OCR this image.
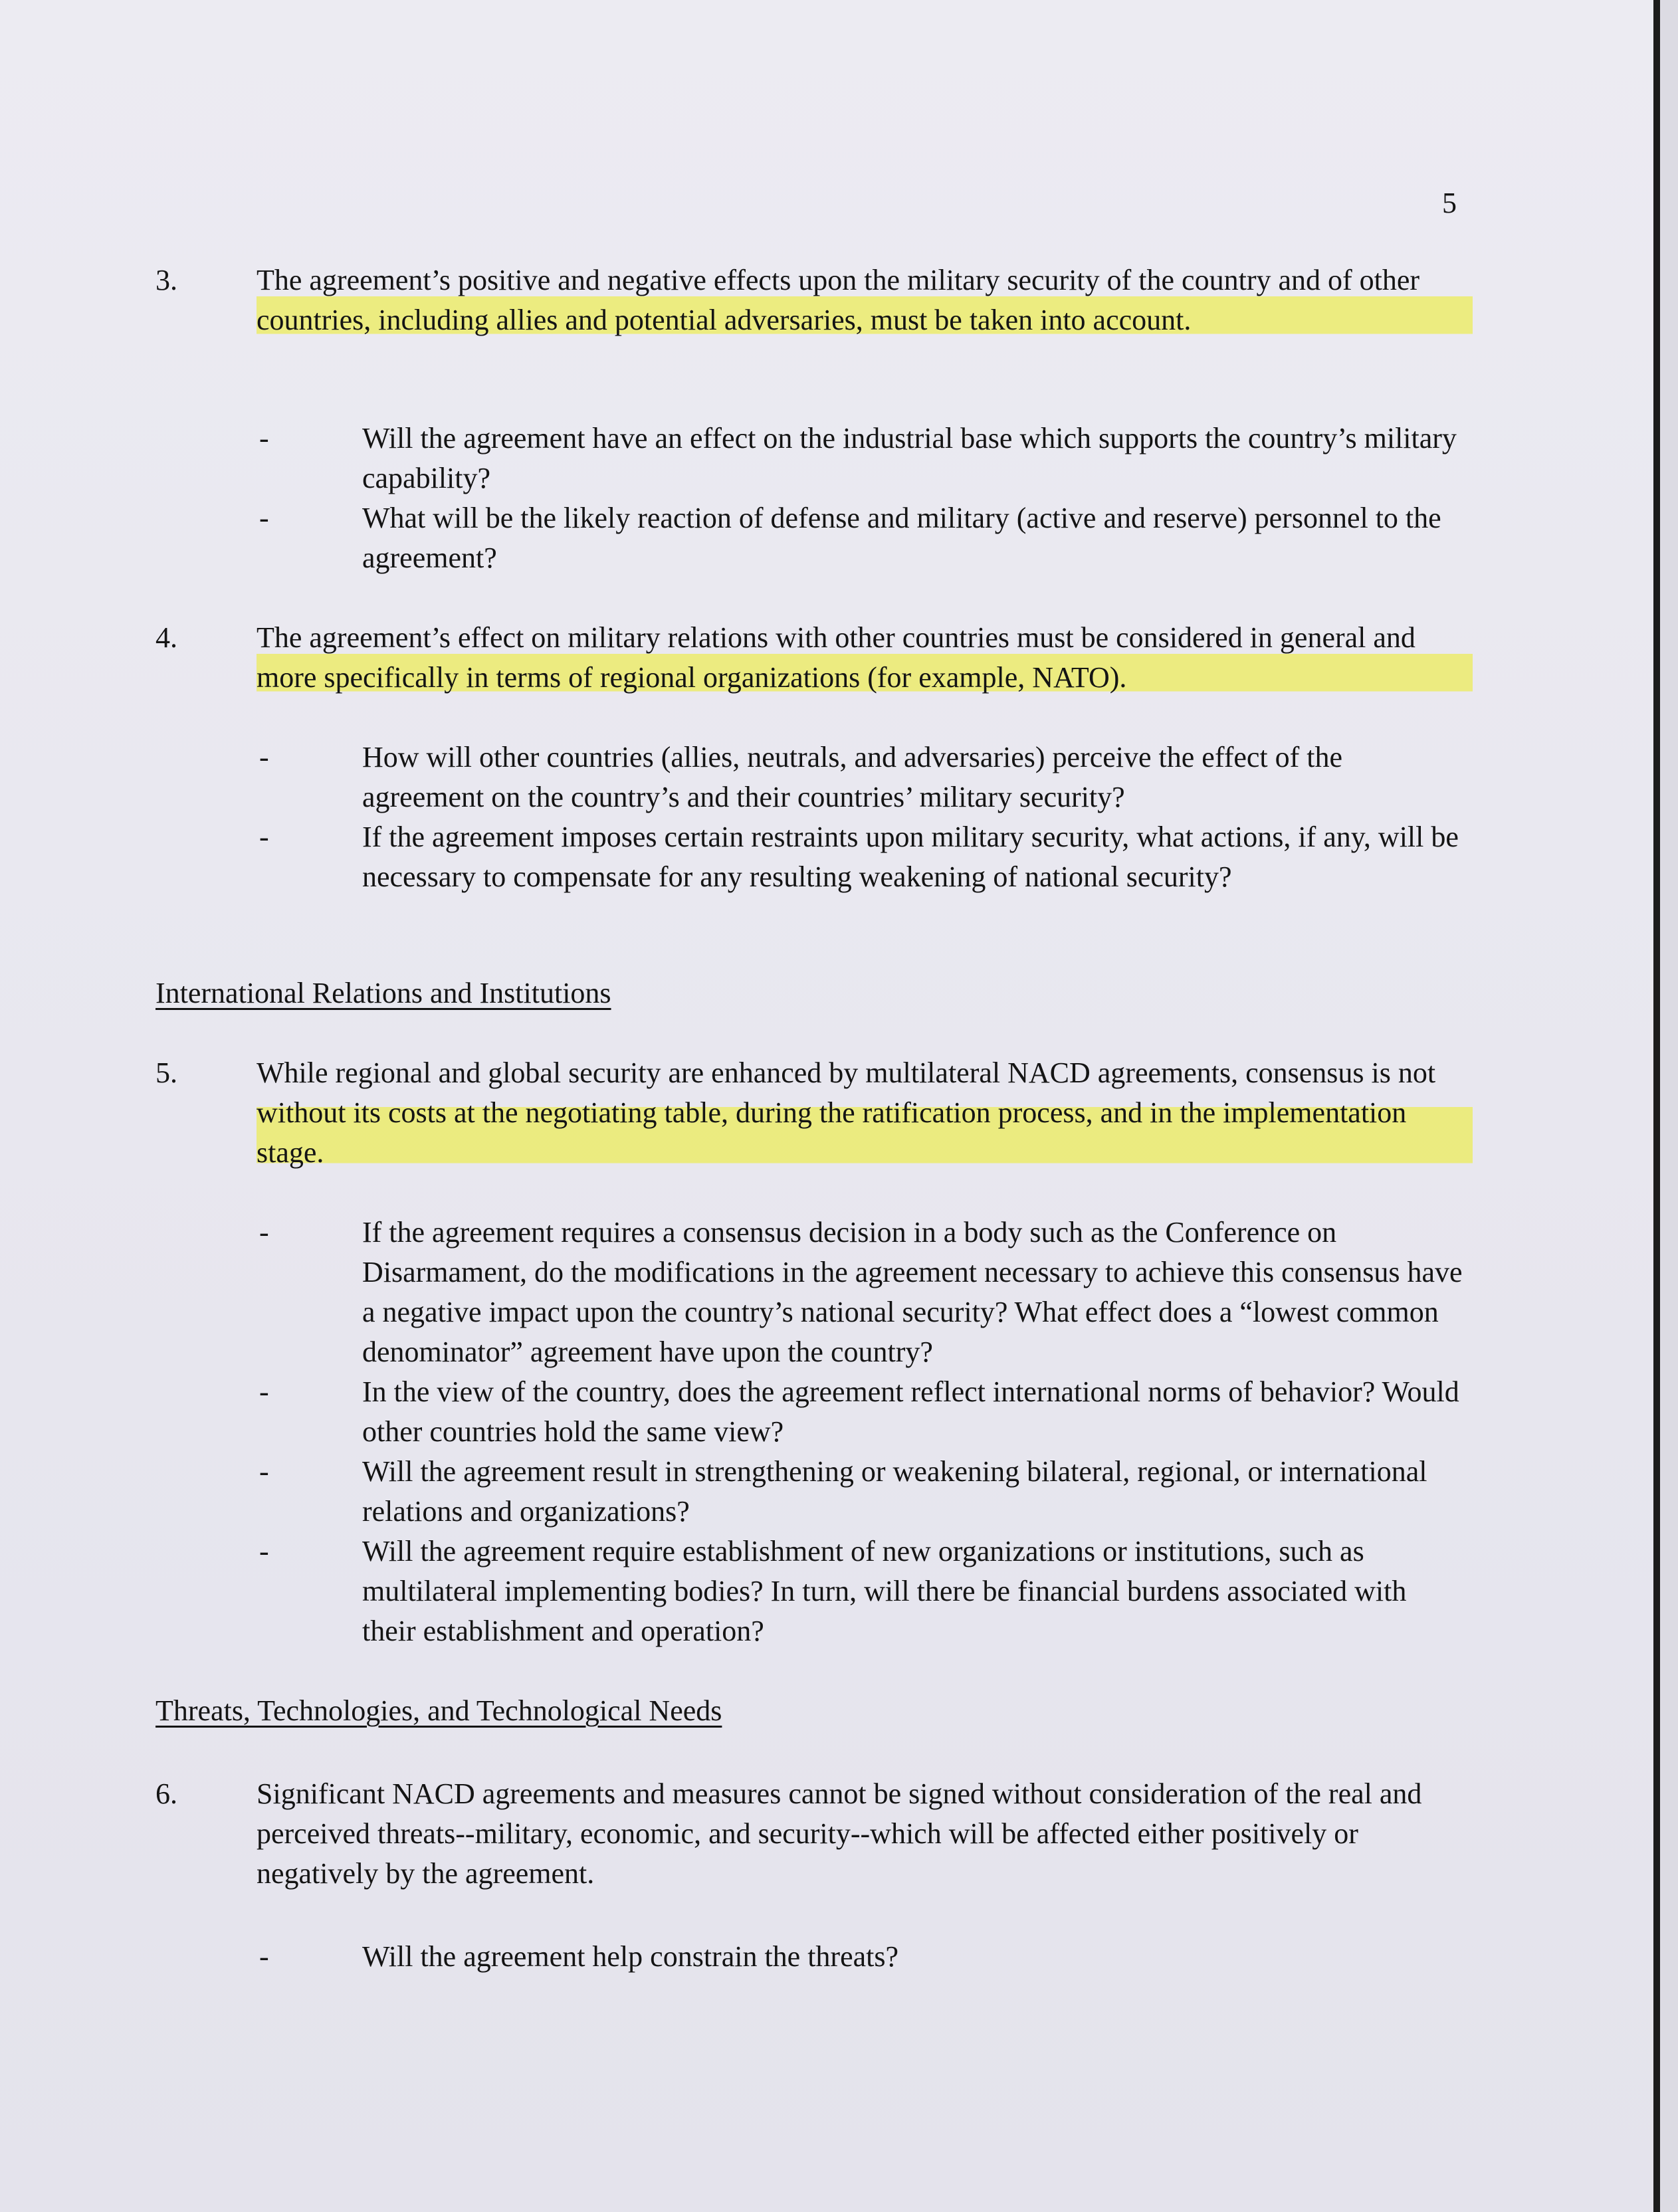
5
3.	The agreement’s positive and negative effects upon the military security of the country and of other countries, including allies and potential adversaries, must be taken into account.
-	Will the agreement have an effect on the industrial base which supports the country’s military capability?
-	What will be the likely reaction of defense and military (active and reserve) personnel to the agreement?
4.	The agreement’s effect on military relations with other countries must be considered in general and more specifically in terms of regional organizations (for example, NATO).
-	How will other countries (allies, neutrals, and adversaries) perceive the effect of the agreement on the country’s and their countries’ military security?
-	If the agreement imposes certain restraints upon military security, what actions, if any, will be necessary to compensate for any resulting weakening of national security?
International Relations and Institutions
5.	While regional and global security are enhanced by multilateral NACD agreements, consensus is not without its costs at the negotiating table, during the ratification process, and in the implementation stage.
-	If the agreement requires a consensus decision in a body such as the Conference on Disarmament, do the modifications in the agreement necessary to achieve this consensus have a negative impact upon the country’s national security? What effect does a “lowest common denominator” agreement have upon the country?
-	In the view of the country, does the agreement reflect international norms of behavior? Would other countries hold the same view?
-	Will the agreement result in strengthening or weakening bilateral, regional, or international relations and organizations?
-	Will the agreement require establishment of new organizations or institutions, such as multilateral implementing bodies? In turn, will there be financial burdens associated with their establishment and operation?
Threats, Technologies, and Technological Needs
6.	Significant NACD agreements and measures cannot be signed without consideration of the real and perceived threats--military, economic, and security--which will be affected either positively or negatively by the agreement.
-	Will the agreement help constrain the threats?
